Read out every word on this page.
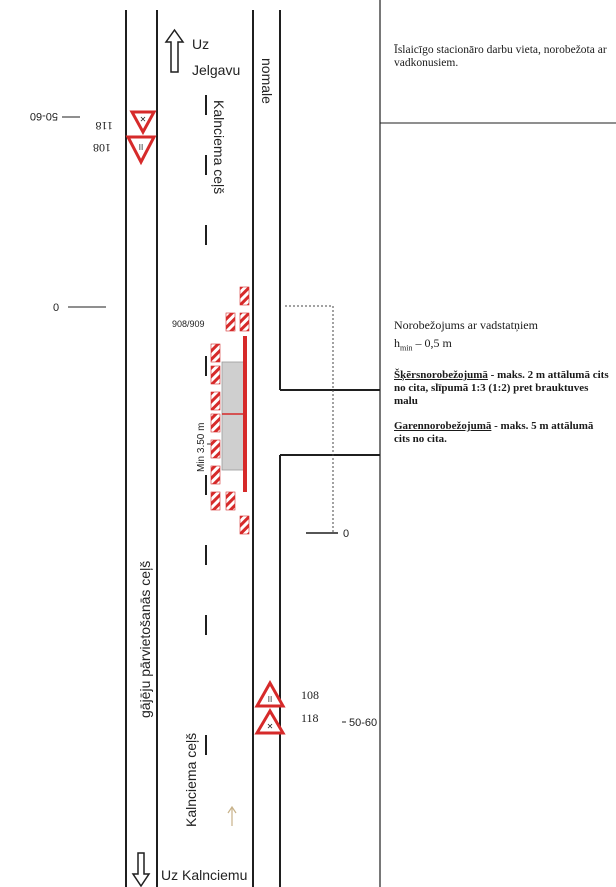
✕
II
II
✕
Uz
Jelgavu nomale
Kalnciema ceļš
Kalnciema ceļš
gājēju pārvietošanās ceļš
Uz Kalnciemu
908/909
Min 3.50 m
50-60
50-60
0
0
118
108
108
118
Īslaicīgo stacionāro darbu vieta, norobežota ar vadkonusiem.

Norobežojums ar vadstatņiem

$h_{min} - 0,5$ m

Šķērsnorobežojumā - maks. 2 m attālumā cits no cita, slīpumā 1:3 (1:2) pret brauktuves malu

Garennorobežojumā - maks. 5 m attālumā cits no cita.
